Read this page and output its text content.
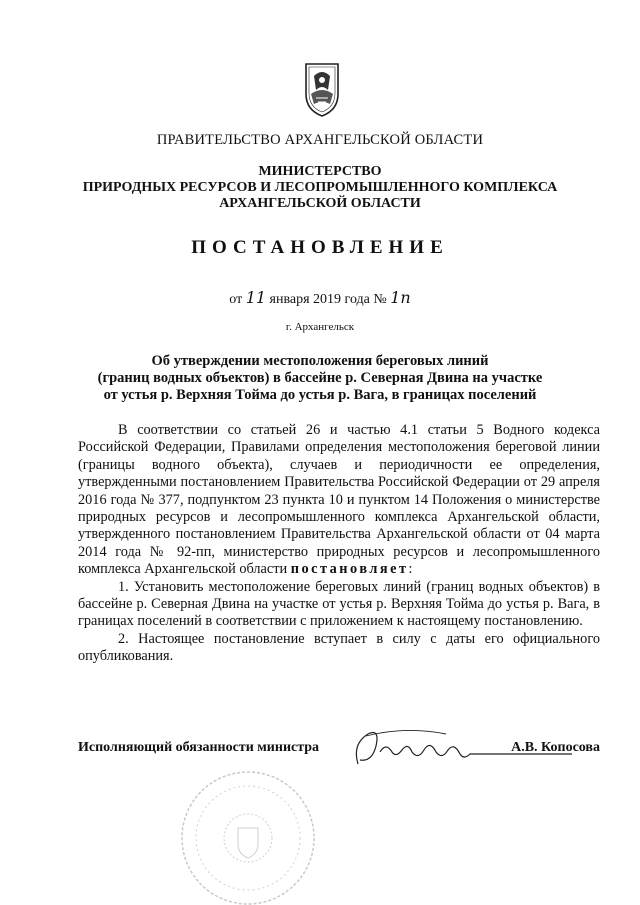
ПРАВИТЕЛЬСТВО АРХАНГЕЛЬСКОЙ ОБЛАСТИ
МИНИСТЕРСТВО
ПРИРОДНЫХ РЕСУРСОВ И ЛЕСОПРОМЫШЛЕННОГО КОМПЛЕКСА
АРХАНГЕЛЬСКОЙ ОБЛАСТИ
ПОСТАНОВЛЕНИЕ
от 11 января 2019 года № 1п
г. Архангельск
Об утверждении местоположения береговых линий
(границ водных объектов) в бассейне р. Северная Двина на участке
от устья р. Верхняя Тойма до устья р. Вага, в границах поселений

В соответствии со статьей 26 и частью 4.1 статьи 5 Водного кодекса Российской Федерации, Правилами определения местоположения береговой линии (границы водного объекта), случаев и периодичности ее определения, утвержденными постановлением Правительства Российской Федерации от 29 апреля 2016 года № 377, подпунктом 23 пункта 10 и пунктом 14 Положения о министерстве природных ресурсов и лесопромышленного комплекса Архангельской области, утвержденного постановлением Правительства Архангельской области от 04 марта 2014 года № 92-пп, министерство природных ресурсов и лесопромышленного комплекса Архангельской области постановляет:

1. Установить местоположение береговых линий (границ водных объектов) в бассейне р. Северная Двина на участке от устья р. Верхняя Тойма до устья р. Вага, в границах поселений в соответствии с приложением к настоящему постановлению.

2. Настоящее постановление вступает в силу с даты его официального опубликования.

Исполняющий обязанности министра	А.В. Копосова
